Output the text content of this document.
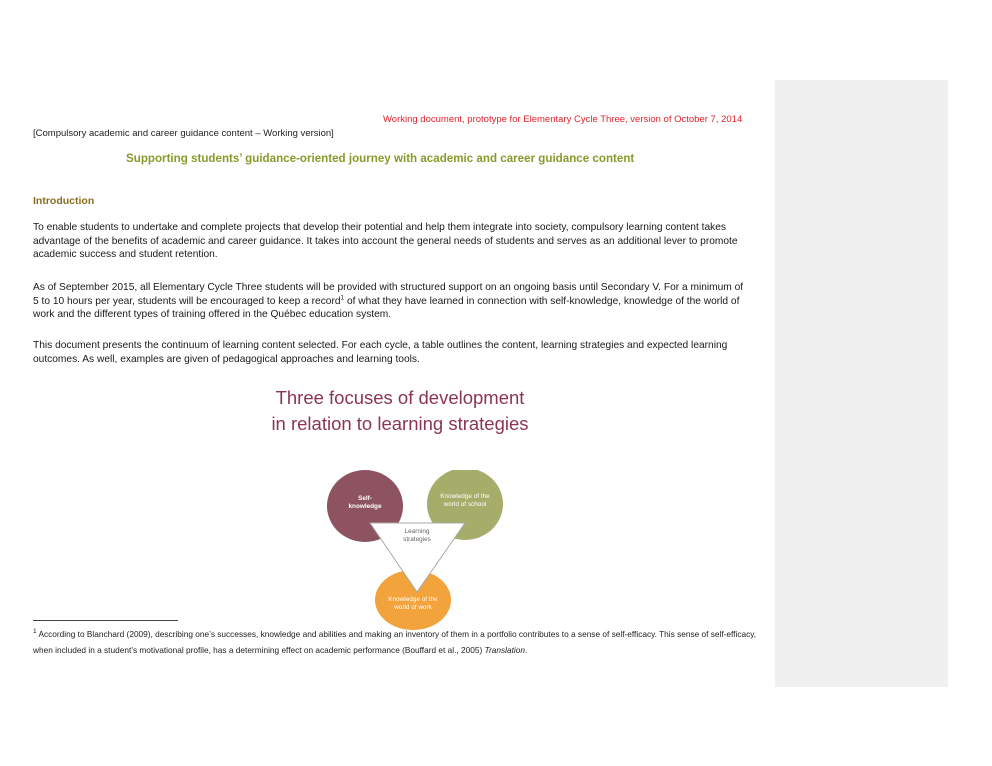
Working document, prototype for Elementary Cycle Three, version of October 7, 2014
[Compulsory academic and career guidance content – Working version]
Supporting students’ guidance-oriented journey with academic and career guidance content
Introduction

To enable students to undertake and complete projects that develop their potential and help them integrate into society, compulsory learning content takes advantage of the benefits of academic and career guidance. It takes into account the general needs of students and serves as an additional lever to promote academic success and student retention.

As of September 2015, all Elementary Cycle Three students will be provided with structured support on an ongoing basis until Secondary V. For a minimum of 5 to 10 hours per year, students will be encouraged to keep a record$^1$ of what they have learned in connection with self-knowledge, knowledge of the world of work and the different types of training offered in the Québec education system.

This document presents the continuum of learning content selected. For each cycle, a table outlines the content, learning strategies and expected learning outcomes. As well, examples are given of pedagogical approaches and learning tools.

Three focuses of development
in relation to learning strategies
Self-
knowledge
Knowledge of the
world of school
Learning
strategies
Knowledge of the
world of work
$^1$ According to Blanchard (2009), describing one’s successes, knowledge and abilities and making an inventory of them in a portfolio contributes to a sense of self-efficacy. This sense of self-efficacy, when included in a student’s motivational profile, has a determining effect on academic performance (Bouffard et al., 2005) Translation.
